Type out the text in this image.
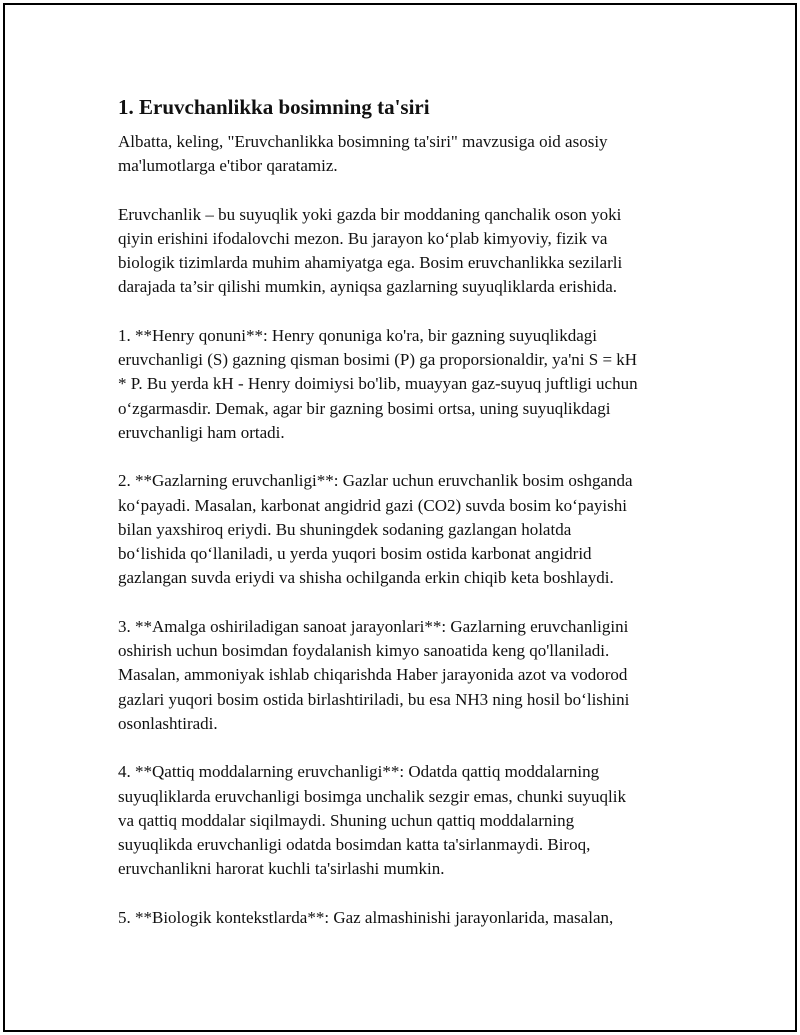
1. Eruvchanlikka bosimning ta'siri

Albatta, keling, "Eruvchanlikka bosimning ta'siri" mavzusiga oid asosiy
ma'lumotlarga e'tibor qaratamiz.

Eruvchanlik – bu suyuqlik yoki gazda bir moddaning qanchalik oson yoki
qiyin erishini ifodalovchi mezon. Bu jarayon ko‘plab kimyoviy, fizik va
biologik tizimlarda muhim ahamiyatga ega. Bosim eruvchanlikka sezilarli
darajada ta’sir qilishi mumkin, ayniqsa gazlarning suyuqliklarda erishida.

1. **Henry qonuni**: Henry qonuniga ko'ra, bir gazning suyuqlikdagi
eruvchanligi (S) gazning qisman bosimi (P) ga proporsionaldir, ya'ni S = kH
* P. Bu yerda kH - Henry doimiysi bo'lib, muayyan gaz-suyuq juftligi uchun
o‘zgarmasdir. Demak, agar bir gazning bosimi ortsa, uning suyuqlikdagi
eruvchanligi ham ortadi.

2. **Gazlarning eruvchanligi**: Gazlar uchun eruvchanlik bosim oshganda
ko‘payadi. Masalan, karbonat angidrid gazi (CO2) suvda bosim ko‘payishi
bilan yaxshiroq eriydi. Bu shuningdek sodaning gazlangan holatda
bo‘lishida qo‘llaniladi, u yerda yuqori bosim ostida karbonat angidrid
gazlangan suvda eriydi va shisha ochilganda erkin chiqib keta boshlaydi.

3. **Amalga oshiriladigan sanoat jarayonlari**: Gazlarning eruvchanligini
oshirish uchun bosimdan foydalanish kimyo sanoatida keng qo'llaniladi.
Masalan, ammoniyak ishlab chiqarishda Haber jarayonida azot va vodorod
gazlari yuqori bosim ostida birlashtiriladi, bu esa NH3 ning hosil bo‘lishini
osonlashtiradi.

4. **Qattiq moddalarning eruvchanligi**: Odatda qattiq moddalarning
suyuqliklarda eruvchanligi bosimga unchalik sezgir emas, chunki suyuqlik
va qattiq moddalar siqilmaydi. Shuning uchun qattiq moddalarning
suyuqlikda eruvchanligi odatda bosimdan katta ta'sirlanmaydi. Biroq,
eruvchanlikni harorat kuchli ta'sirlashi mumkin.

5. **Biologik kontekstlarda**: Gaz almashinishi jarayonlarida, masalan,
